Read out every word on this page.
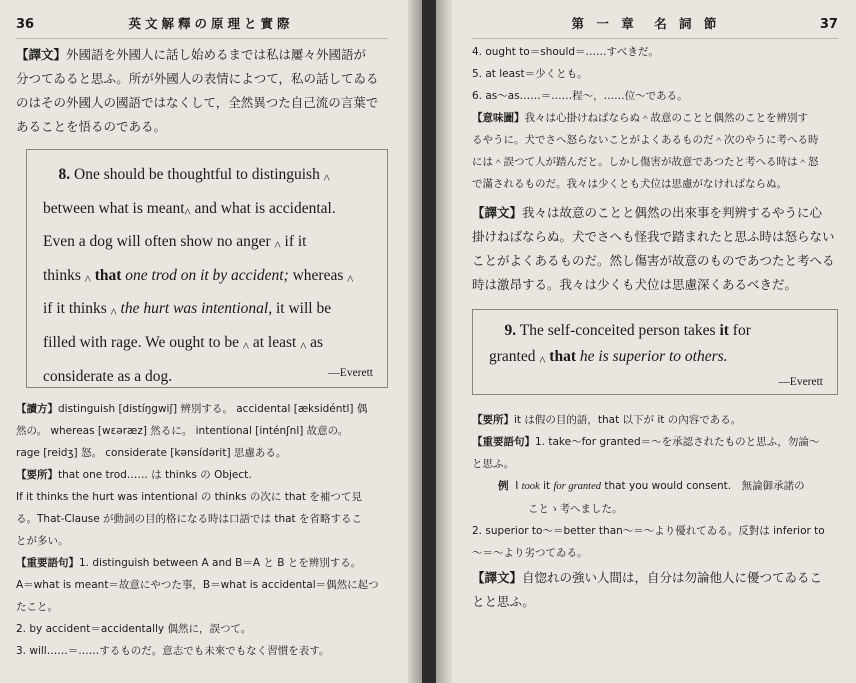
36	英文解釋の原理と實際

【譯文】外國語を外國人に話し始めるまでは私は屢々外國語が

分つてゐると思ふ。所が外國人の表情によつて，私の話してゐる

のはその外國人の國語ではなくして，全然異つた自己流の言葉で

あることを悟るのである。

8. One should be thoughtful to distinguish $_{\^{}}$

between what is meant$_{\^{}}$ and what is accidental.

Even a dog will often show no anger $_{\^{}}$ if it

thinks $_{\^{}}$ that one trod on it by accident; whereas $_{\^{}}$

if it thinks $_{\^{}}$ the hurt was intentional, it will be

filled with rage. We ought to be $_{\^{}}$ at least $_{\^{}}$ as

considerate as a dog.	—Everett

【讀方】distinguish [distíŋgwiʃ] 辨別する。 accidental [æksidéntl] 偶

然の。 whereas [wɛəræz] 然るに。 intentional [inténʃnl] 故意の。

rage [reidʒ] 怒。 considerate [kənsídərit] 思慮ある。

【要所】that one trod…… は thinks の Object.

If it thinks the hurt was intentional の thinks の次に that を補つて見

る。That-Clause が動詞の目的格になる時は口語では that を省略するこ

とが多い。

【重要語句】1. distinguish between A and B＝A と B とを辨別する。

A＝what is meant＝故意にやつた事，B＝what is accidental＝偶然に起つ

たこと。

2. by accident＝accidentally 偶然に，誤つて。

3. will……＝……するものだ。意志でも未來でもなく習慣を表す。

第 一 章　名 詞 節	37

4. ought to＝should＝……すべきだ。

5. at least＝少くとも。

6. as～as……＝……程～，……位～である。

【意味圖】我々は心掛けねばならぬ＾故意のことと偶然のことを辨別す

るやうに。犬でさへ怒らないことがよくあるものだ＾次のやうに考へる時

には＾誤つて人が踏んだと。しかし傷害が故意であつたと考へる時は＾怒

で滿されるものだ。我々は少くとも犬位は思慮がなければならぬ。

【譯文】我々は故意のことと偶然の出來事を判辨するやうに心

掛けねばならぬ。犬でさへも怪我で踏まれたと思ふ時は怒らない

ことがよくあるものだ。然し傷害が故意のものであつたと考へる

時は激昂する。我々は少くも犬位は思慮深くあるべきだ。

9. The self-conceited person takes it for

granted $_{\^{}}$ that he is superior to others.

—Everett

【要所】it は假の目的語，that 以下が it の內容である。

【重要語句】1. take～for granted＝～を承認されたものと思ふ，勿論～

と思ふ。

例 I took it for granted that you would consent.　無論御承諾の

ことゝ考へました。

2. superior to～＝better than～＝～より優れてゐる。反對は inferior to

～＝～より劣つてゐる。

【譯文】自惚れの強い人間は，自分は勿論他人に優つてゐるこ

とと思ふ。
